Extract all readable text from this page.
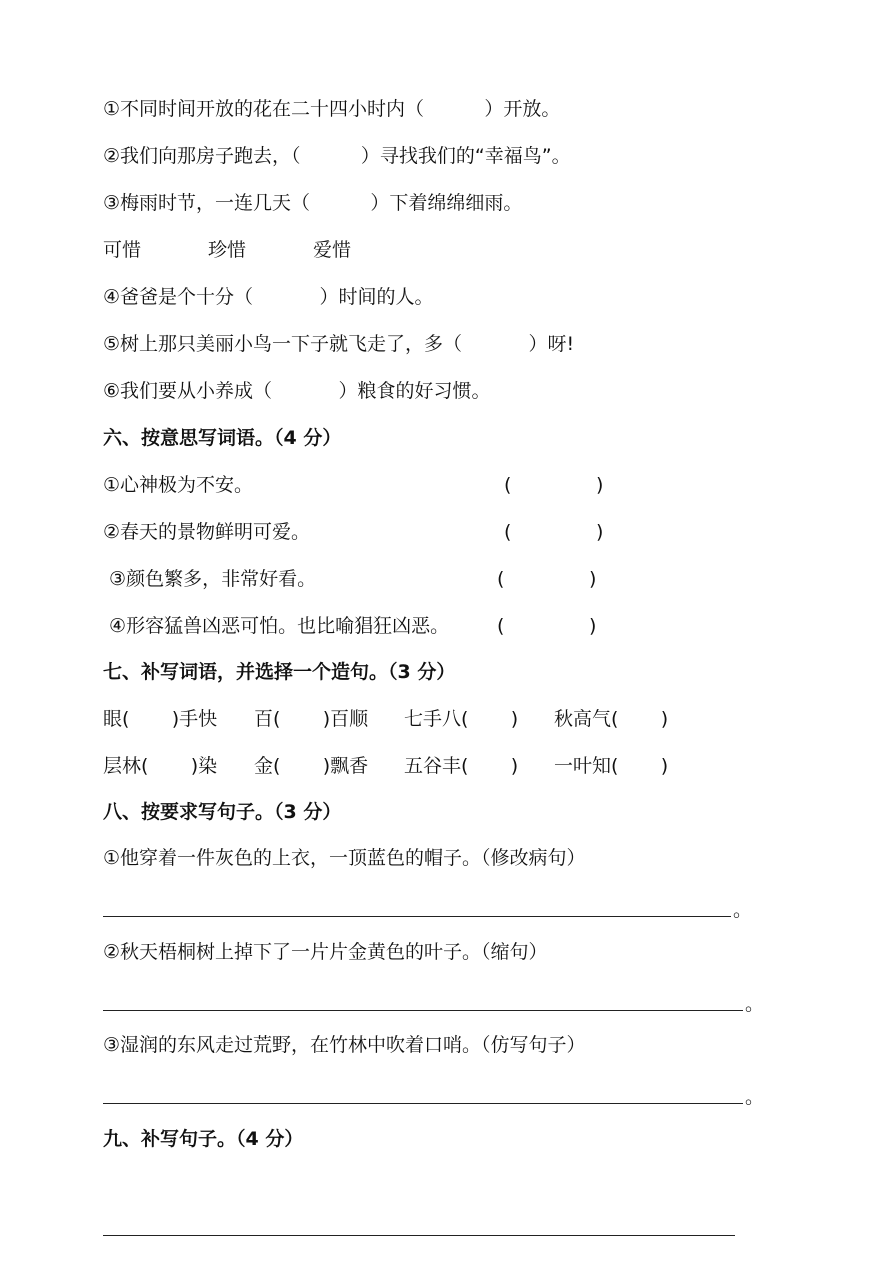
①不同时间开放的花在二十四小时内（          ）开放。
②我们向那房子跑去，（          ）寻找我们的“幸福鸟”。
③梅雨时节，一连几天（          ）下着绵绵细雨。
可惜	珍惜	爱惜
④爸爸是个十分（           ）时间的人。
⑤树上那只美丽小鸟一下子就飞走了，多（           ）呀!
⑥我们要从小养成（           ）粮食的好习惯。
六、按意思写词语。（4 分）
①心神极为不安。	(              )
②春天的景物鲜明可爱。	(              )
③颜色繁多，非常好看。	(              )
④形容猛兽凶恶可怕。也比喻猖狂凶恶。	(              )
七、补写词语，并选择一个造句。（3 分）
眼(       )手快 百(       )百顺 七手八(       ) 秋高气(       )
层林(       )染 金(       )飘香 五谷丰(       ) 一叶知(       )
八、按要求写句子。（3 分）
①他穿着一件灰色的上衣，一顶蓝色的帽子。（修改病句）
。
②秋天梧桐树上掉下了一片片金黄色的叶子。（缩句）
。
③湿润的东风走过荒野，在竹林中吹着口哨。（仿写句子）
。
九、补写句子。（4 分）
